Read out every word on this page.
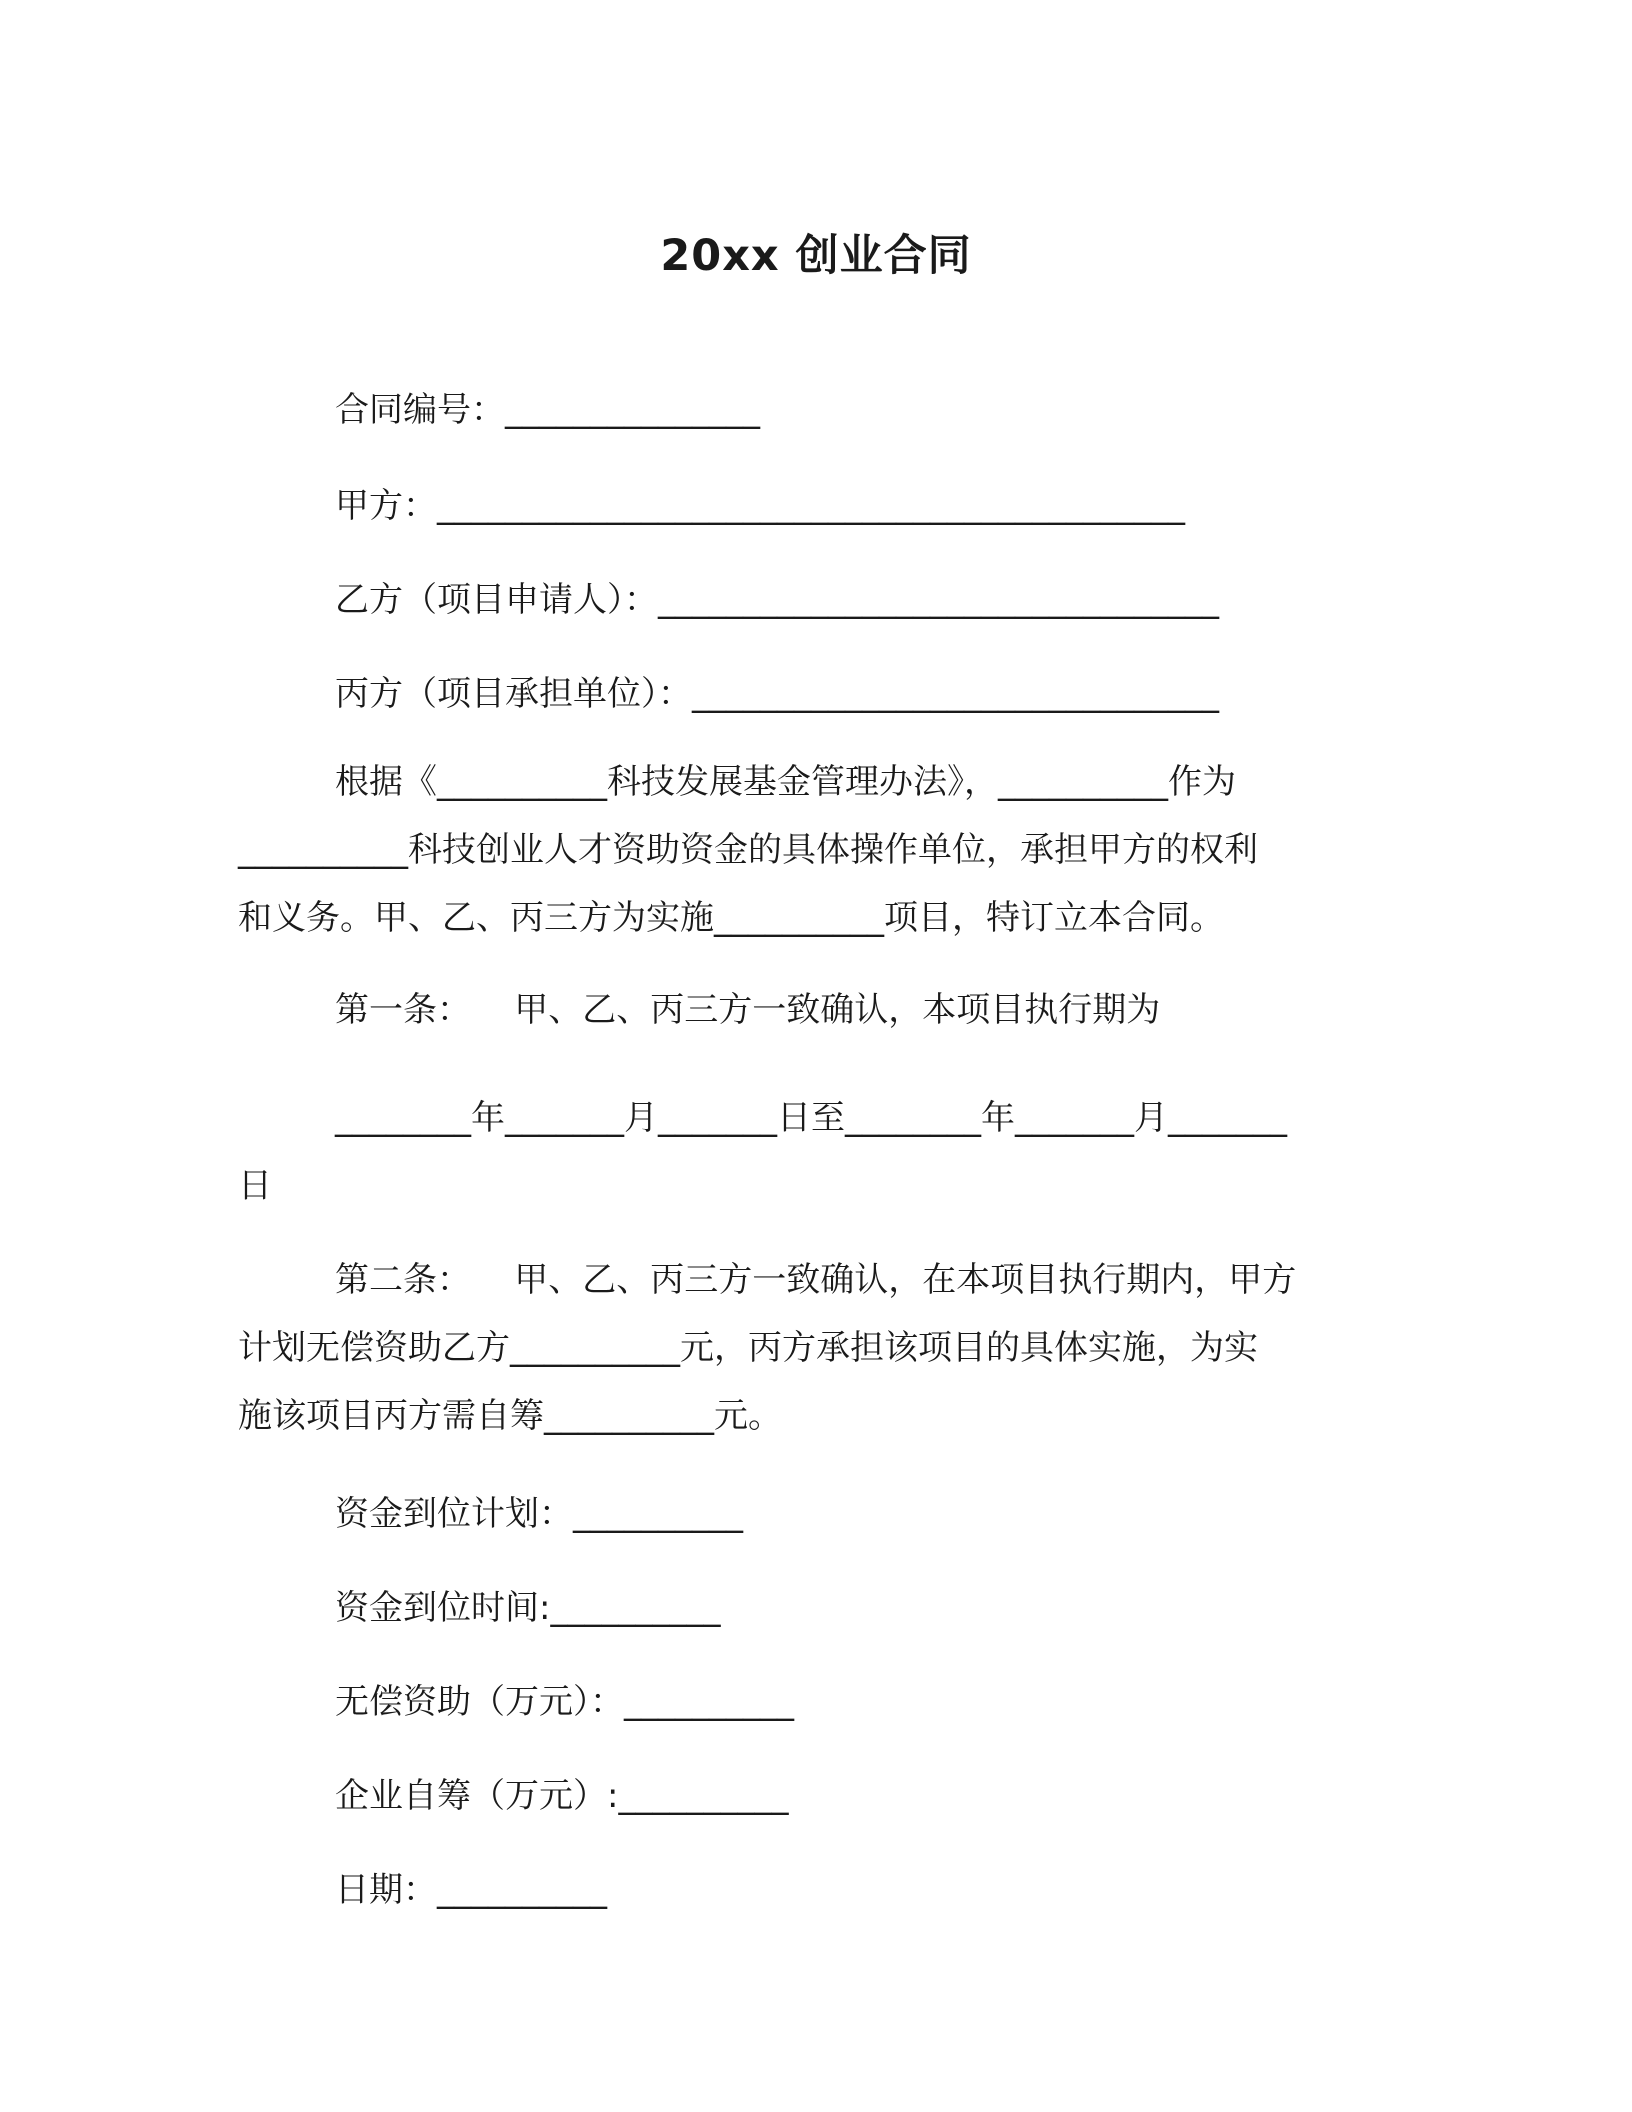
20xx 创业合同
合同编号：_______________
甲方：____________________________________________
乙方（项目申请人）：_________________________________
丙方（项目承担单位）：_______________________________
根据《__________科技发展基金管理办法》，__________作为
__________科技创业人才资助资金的具体操作单位，承担甲方的权利
和义务。甲、乙、丙三方为实施__________项目，特订立本合同。
第一条：    甲、乙、丙三方一致确认，本项目执行期为
________年_______月_______日至________年_______月_______
日
第二条：    甲、乙、丙三方一致确认，在本项目执行期内，甲方
计划无偿资助乙方__________元，丙方承担该项目的具体实施，为实
施该项目丙方需自筹__________元。
资金到位计划：__________
资金到位时间:__________
无偿资助（万元）：__________
企业自筹（万元）:__________
日期：__________
